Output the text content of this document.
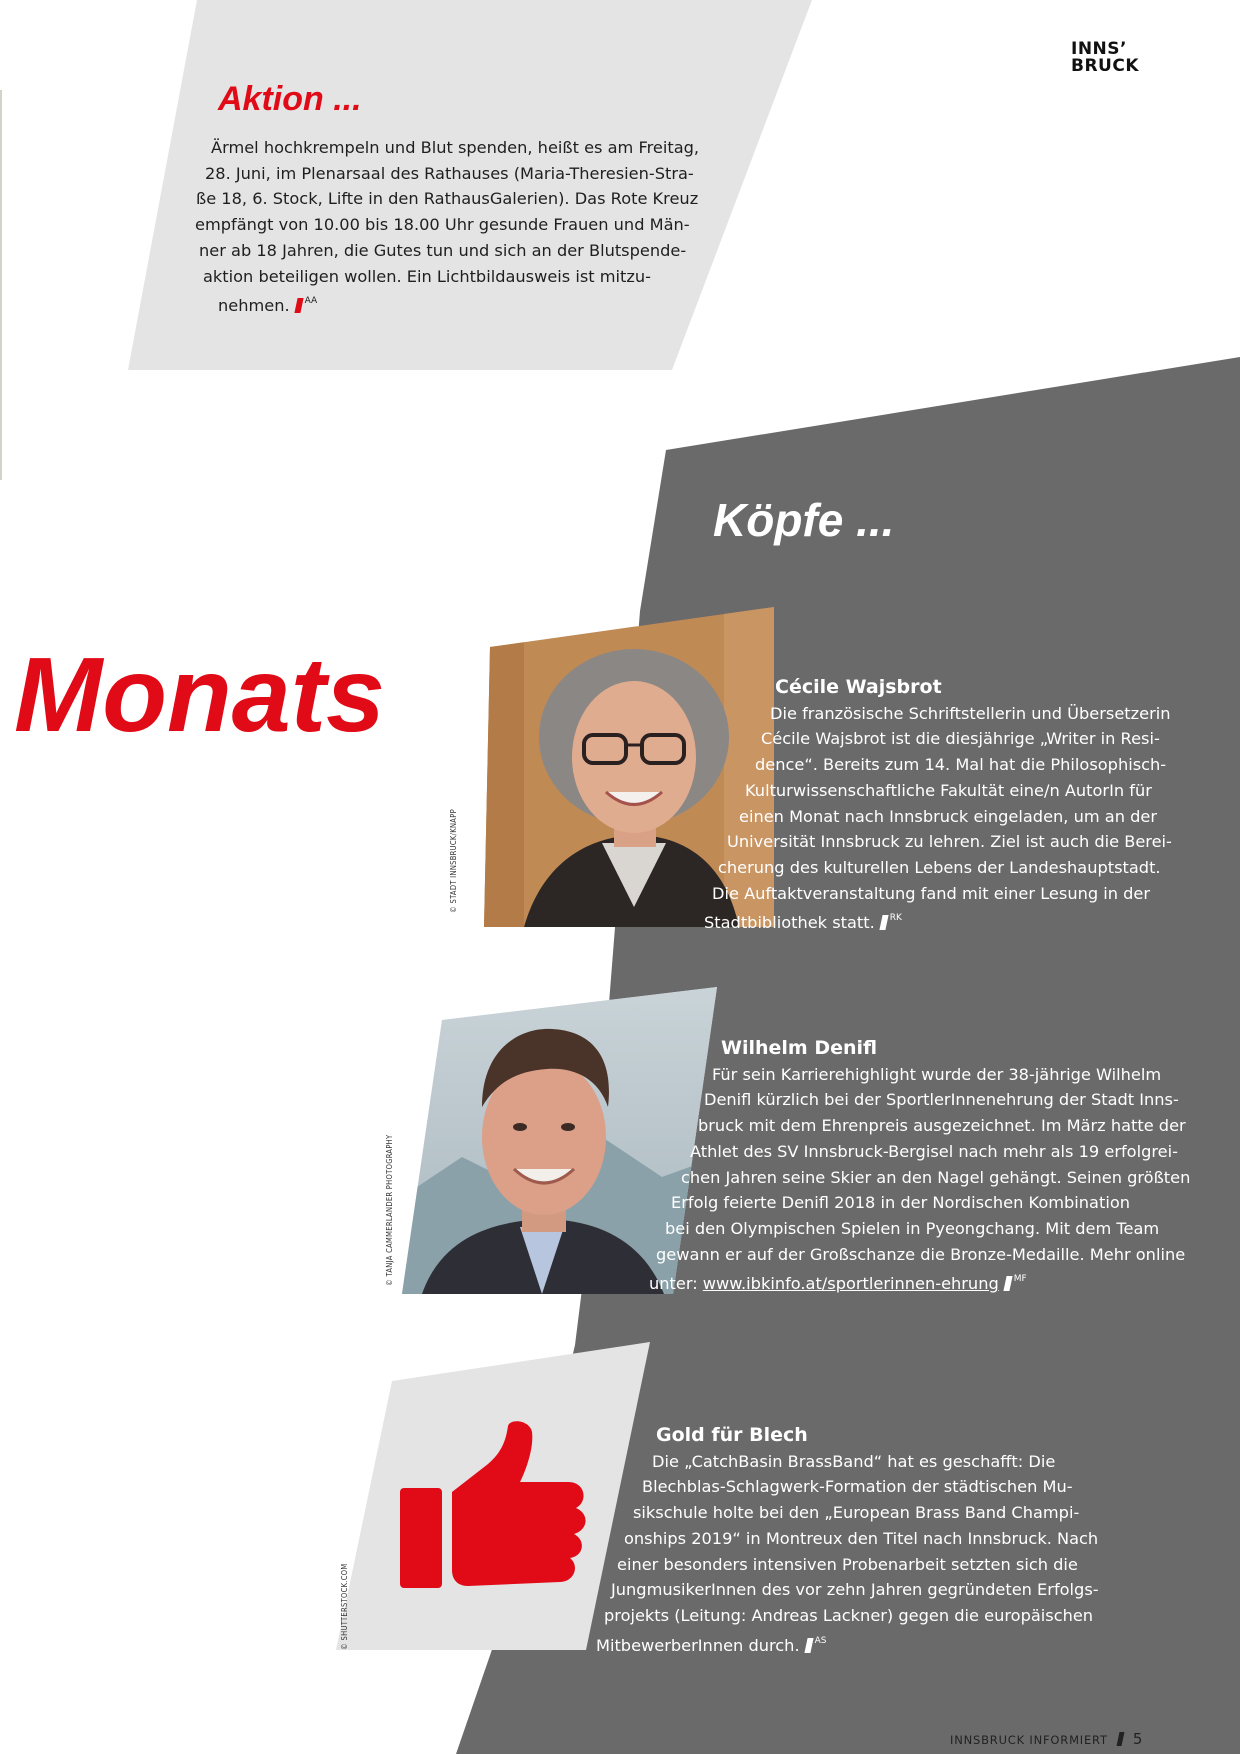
INNS’
BRUCK
Aktion ...
Ärmel hochkrempeln und Blut spenden, heißt es am Freitag,
28. Juni, im Plenarsaal des Rathauses (Maria-Theresien-Stra-
ße 18, 6. Stock, Lifte in den RathausGalerien). Das Rote Kreuz
empfängt von 10.00 bis 18.00 Uhr gesunde Frauen und Män-
ner ab 18 Jahren, die Gutes tun und sich an der Blutspende-
aktion beteiligen wollen. Ein Lichtbildausweis ist mitzu-
nehmen. $^{AA}$
Köpfe ...
Monats
© STADT INNSBRUCK/KNAPP
Cécile Wajsbrot
Die französische Schriftstellerin und Übersetzerin
Cécile Wajsbrot ist die diesjährige „Writer in Resi-
dence“. Bereits zum 14. Mal hat die Philosophisch-
Kulturwissenschaftliche Fakultät eine/n AutorIn für
einen Monat nach Innsbruck eingeladen, um an der
Universität Innsbruck zu lehren. Ziel ist auch die Berei-
cherung des kulturellen Lebens der Landeshauptstadt.
Die Auftaktveranstaltung fand mit einer Lesung in der
Stadtbibliothek statt. $^{RK}$
© TANJA CAMMERLANDER PHOTOGRAPHY
Wilhelm Denifl
Für sein Karrierehighlight wurde der 38-jährige Wilhelm
Denifl kürzlich bei der SportlerInnenehrung der Stadt Inns-
bruck mit dem Ehrenpreis ausgezeichnet. Im März hatte der
Athlet des SV Innsbruck-Bergisel nach mehr als 19 erfolgrei-
chen Jahren seine Skier an den Nagel gehängt. Seinen größten
Erfolg feierte Denifl 2018 in der Nordischen Kombination
bei den Olympischen Spielen in Pyeongchang. Mit dem Team
gewann er auf der Großschanze die Bronze-Medaille. Mehr online
unter: www.ibkinfo.at/sportlerinnen-ehrung $^{MF}$
© SHUTTERSTOCK.COM
Gold für Blech
Die „CatchBasin BrassBand“ hat es geschafft: Die
Blechblas-Schlagwerk-Formation der städtischen Mu-
sikschule holte bei den „European Brass Band Champi-
onships 2019“ in Montreux den Titel nach Innsbruck. Nach
einer besonders intensiven Probenarbeit setzten sich die
JungmusikerInnen des vor zehn Jahren gegründeten Erfolgs-
projekts (Leitung: Andreas Lackner) gegen die europäischen
MitbewerberInnen durch. $^{AS}$
INNSBRUCK INFORMIERT 5
